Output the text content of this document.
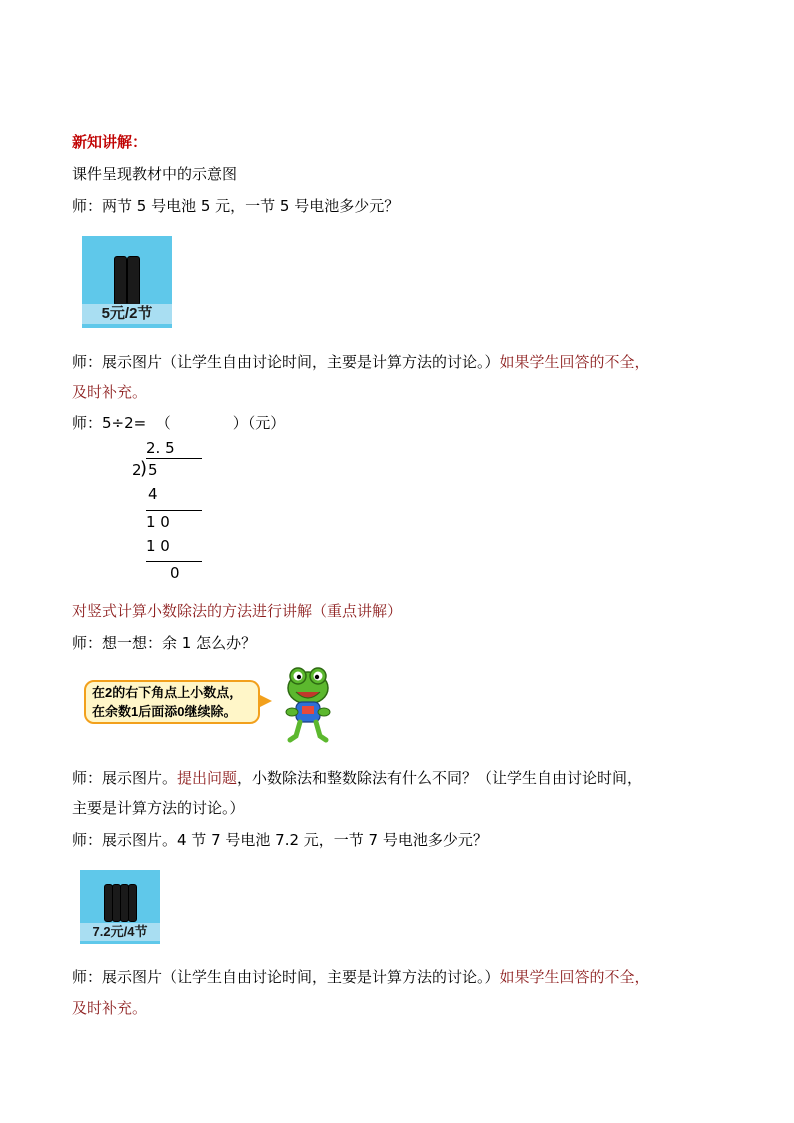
新知讲解：
课件呈现教材中的示意图
师：两节 5 号电池 5 元，一节 5 号电池多少元？
5元/2节
师：展示图片（让学生自由讨论时间，主要是计算方法的讨论。）如果学生回答的不全，
及时补充。
师：5÷2=  （             ）（元）
2. 5
2
) 5
4
1 0
1 0
0
对竖式计算小数除法的方法进行讲解（重点讲解）
师：想一想：余 1 怎么办？
在2的右下角点上小数点，
在余数1后面添0继续除。
师：展示图片。提出问题，小数除法和整数除法有什么不同？（让学生自由讨论时间，
主要是计算方法的讨论。）
师：展示图片。4 节 7 号电池 7.2 元，一节 7 号电池多少元？
7.2元/4节
师：展示图片（让学生自由讨论时间，主要是计算方法的讨论。）如果学生回答的不全，
及时补充。
